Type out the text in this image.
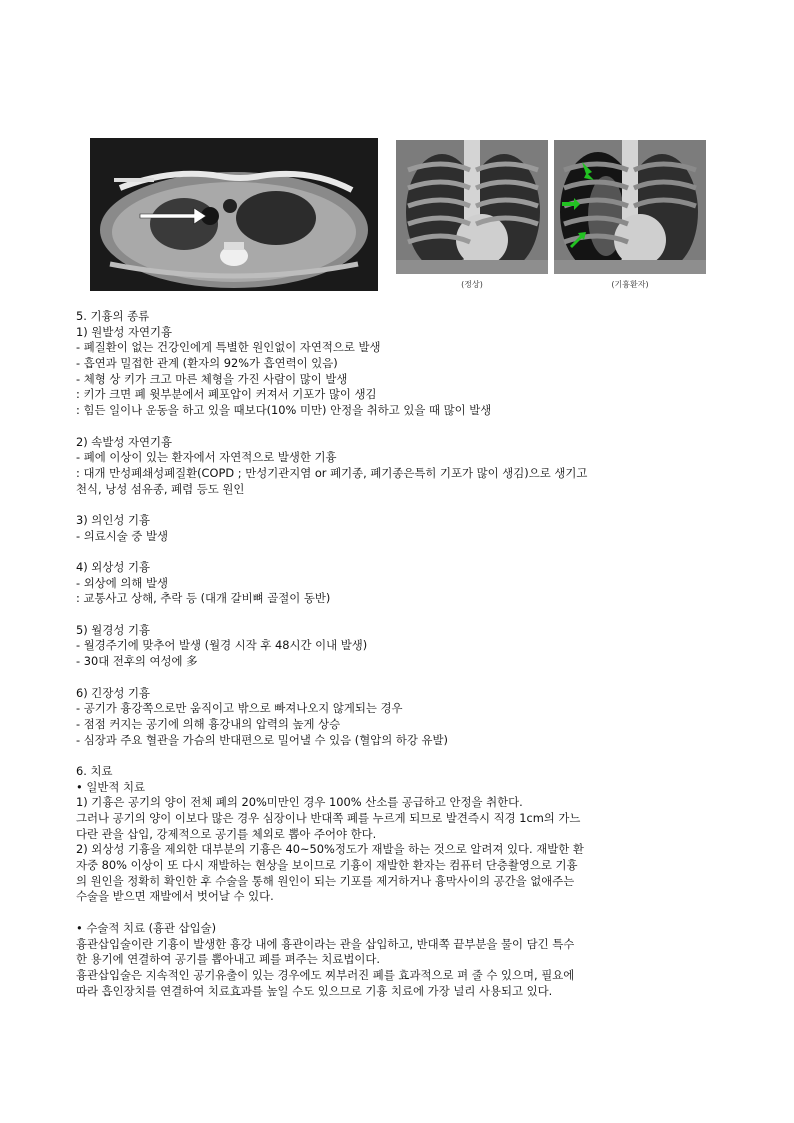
(정상)	(기흉환자)
5. 기흉의 종류
1) 원발성 자연기흉
- 폐질환이 없는 건강인에게 특별한 원인없이 자연적으로 발생
- 흡연과 밀접한 관계 (환자의 92%가 흡연력이 있음)
- 체형 상 키가 크고 마른 체형을 가진 사람이 많이 발생
: 키가 크면 폐 윗부분에서 폐포압이 커져서 기포가 많이 생김
: 힘든 일이나 운동을 하고 있을 때보다(10% 미만) 안정을 취하고 있을 때 많이 발생
2) 속발성 자연기흉
- 폐에 이상이 있는 환자에서 자연적으로 발생한 기흉
: 대개 만성폐쇄성폐질환(COPD ; 만성기관지염 or 폐기종, 폐기종은특히 기포가 많이 생김)으로 생기고
천식, 낭성 섬유종, 폐렴 등도 원인
3) 의인성 기흉
- 의료시술 중 발생
4) 외상성 기흉
- 외상에 의해 발생
: 교통사고 상해, 추락 등 (대개 갈비뼈 골절이 동반)
5) 월경성 기흉
- 월경주기에 맞추어 발생 (월경 시작 후 48시간 이내 발생)
- 30대 전후의 여성에 多
6) 긴장성 기흉
- 공기가 흉강쪽으로만 움직이고 밖으로 빠져나오지 않게되는 경우
- 점점 커지는 공기에 의해 흉강내의 압력의 높게 상승
- 심장과 주요 혈관을 가슴의 반대편으로 밀어낼 수 있음 (혈압의 하강 유발)
6. 치료
• 일반적 치료
1) 기흉은 공기의 양이 전체 폐의 20%미만인 경우 100% 산소를 공급하고 안정을 취한다.
그러나 공기의 양이 이보다 많은 경우 심장이나 반대쪽 폐를 누르게 되므로 발견즉시 직경 1cm의 가느
다란 관을 삽입, 강제적으로 공기를 체외로 뽑아 주어야 한다.
2) 외상성 기흉을 제외한 대부분의 기흉은 40~50%정도가 재발을 하는 것으로 알려져 있다. 재발한 환
자중 80% 이상이 또 다시 재발하는 현상을 보이므로 기흉이 재발한 환자는 컴퓨터 단층촬영으로 기흉
의 원인을 정확히 확인한 후 수술을 통해 원인이 되는 기포를 제거하거나 흉막사이의 공간을 없애주는
수술을 받으면 재발에서 벗어날 수 있다.
• 수술적 치료 (흉관 삽입술)
흉관삽입술이란 기흉이 발생한 흉강 내에 흉관이라는 관을 삽입하고, 반대쪽 끝부분을 물이 담긴 특수
한 용기에 연결하여 공기를 뽑아내고 폐를 펴주는 치료법이다.
흉관삽입술은 지속적인 공기유출이 있는 경우에도 찌부러진 폐를 효과적으로 펴 줄 수 있으며, 필요에
따라 흡인장치를 연결하여 치료효과를 높일 수도 있으므로 기흉 치료에 가장 널리 사용되고 있다.
